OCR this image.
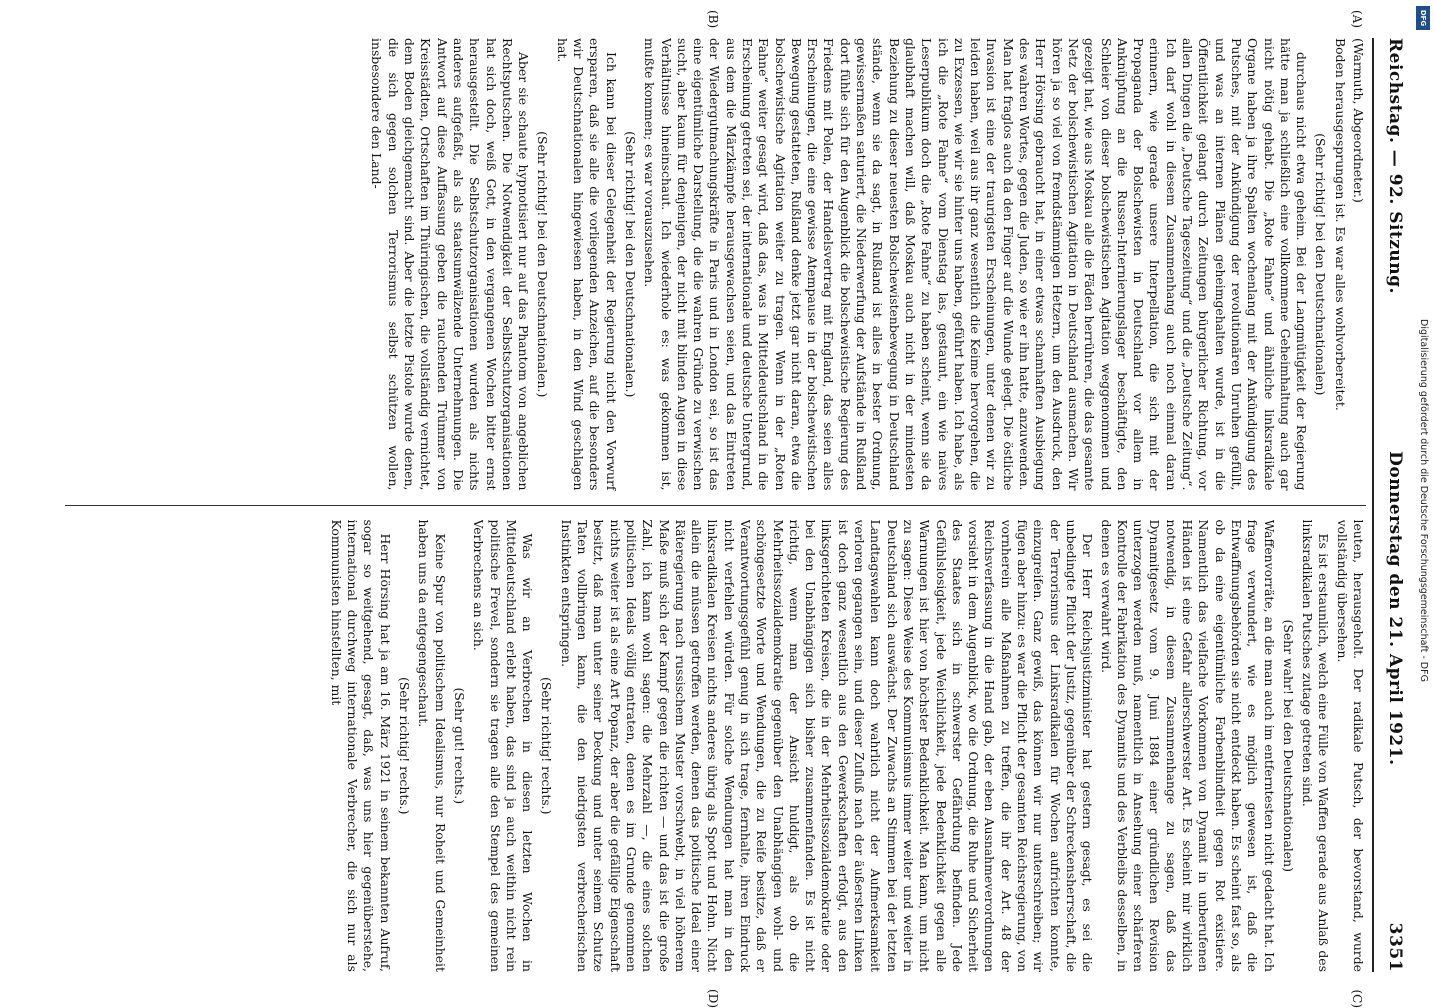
Reichstag. — 92. Sitzung.
Donnerstag den 21. April 1921.
3351

(Warmuth, Abgeordneter.)

Boden herausgesprungen ist. Es war alles wohlvorbereitet.

(Sehr richtig! bei den Deutschnationalen)

durchaus nicht etwa geheim. Bei der Langmütigkeit der Regierung hätte man ja schließlich eine vollkommene Geheimhaltung auch gar nicht nötig gehabt. Die „Rote Fahne“ und ähnliche linksradikale Organe haben ja ihre Spalten wochenlang mit der Ankündigung des Putsches, mit der Ankündigung der revolutionären Unruhen gefüllt, und was an internen Plänen geheimgehalten wurde, ist in die Öffentlichkeit gelangt durch Zeitungen bürgerlicher Richtung, vor allen Dingen die „Deutsche Tageszeitung“ und die „Deutsche Zeitung“. Ich darf wohl in diesem Zusammenhang auch noch einmal daran erinnern, wie gerade unsere Interpellation, die sich mit der Propaganda der Bolschewisten in Deutschland vor allem in Anknüpfung an die Russen-Internierungslager beschäftigte, den Schleier von dieser bolschewistischen Agitation weggenommen und gezeigt hat, wie aus Moskau alle die Fäden herrühren, die das gesamte Netz der bolschewistischen Agitation in Deutschland ausmachen. Wir hören ja so viel von fremdstämmigen Hetzern, um den Ausdruck, den Herr Hörsing gebraucht hat, in einer etwas schamhaften Ausbiegung des wahren Wortes, gegen die Juden, so wie er ihn hatte, anzuwenden. Man hat fraglos auch da den Finger auf die Wunde gelegt. Die östliche Invasion ist eine der traurigsten Erscheinungen, unter denen wir zu leiden haben, weil aus ihr ganz wesentlich die Keime hervorgehen, die zu Exzessen, wie wir sie hinter uns haben, geführt haben. Ich habe, als ich die „Rote Fahne“ vom Dienstag las, gestaunt, ein wie naives Leserpublikum doch die „Rote Fahne“ zu haben scheint, wenn sie da glaubhaft machen will, daß Moskau auch nicht in der mindesten Beziehung zu dieser neuesten Bolschewistenbewegung in Deutschland stände, wenn sie da sagt, in Rußland ist alles in bester Ordnung, gewissermaßen saturiert, die Niederwerfung der Aufstände in Rußland dort fühle sich für den Augenblick die bolschewistische Regierung des Friedens mit Polen, der Handelsvertrag mit England, das seien alles Erscheinungen, die eine gewisse Atempause in der bolschewistischen Bewegung gestatteten, Rußland denke jetzt gar nicht daran, etwa die bolschewistische Agitation weiter zu tragen. Wenn in der „Roten Fahne“ weiter gesagt wird, daß das, was in Mitteldeutschland in die Erscheinung getreten sei, der internationale und deutsche Untergrund, aus dem die Märzkämpfe herausgewachsen seien, und das Eintreten der Wiedergutmachungskräfte in Paris und in London sei, so ist das eine eigentümliche Darstellung, die die wahren Gründe zu verwischen sucht, aber kaum für denjenigen, der nicht mit blinden Augen in diese Verhältnisse hineinschaut. Ich wiederhole es: was gekommen ist, mußte kommen; es war vorauszusehen.

(Sehr richtig! bei den Deutschnationalen.)

Ich kann bei dieser Gelegenheit der Regierung nicht den Vorwurf ersparen, daß sie alle die vorliegenden Anzeichen, auf die besonders wir Deutschnationalen hingewiesen haben, in den Wind geschlagen hat.

(Sehr richtig! bei den Deutschnationalen.)

Aber sie schaute hypnotisiert nur auf das Phantom von angeblichen Rechtsputschen. Die Notwendigkeit der Selbstschutzorganisationen hat sich doch, weiß Gott, in den vergangenen Wochen bitter ernst herausgestellt. Die Selbstschutzorganisationen wurden als nichts anderes aufgefaßt, als als staatsumwälzende Unternehmungen. Die Antwort auf diese Auffassung geben die rauchenden Trümmer von Kreisstädten, Ortschaften im Thüringischen, die vollständig vernichtet, dem Boden gleichgemacht sind. Aber die letzte Pistole wurde denen, die sich gegen solchen Terrorismus selbst schützen wollen, insbesondere den Land-

leuten, herausgeholt. Der radikale Putsch, der bevorstand, wurde vollständig übersehen.

Es ist erstaunlich, welch eine Fülle von Waffen gerade aus Anlaß des linksradikalen Putsches zutage getreten sind.

(Sehr wahr! bei den Deutschnationalen)

Waffenvorräte, an die man auch im entferntesten nicht gedacht hat. Ich frage verwundert, wie es möglich gewesen ist, daß die Entwaffnungsbehörden sie nicht entdeckt haben. Es scheint fast so, als ob da eine eigentümliche Farbenblindheit gegen Rot existiere. Namentlich das vielfache Vorkommen von Dynamit in unberufenen Händen ist eine Gefahr allerschwerster Art. Es scheint mir wirklich notwendig, in diesem Zusammenhange zu sagen, daß das Dynamitgesetz vom 9. Juni 1884 einer gründlichen Revision unterzogen werden muß, namentlich in Ansehung einer schärferen Kontrolle der Fabrikation des Dynamits und des Verbleibs desselben, in denen es verwahrt wird.

Der Herr Reichsjustizminister hat gestern gesagt, es sei die unbedingte Pflicht der Justiz, gegenüber der Schreckensherrschaft, die der Terrorismus der Linksradikalen für Wochen aufrichten konnte, einzugreifen. Ganz gewiß, das können wir nur unterschreiben; wir fügen aber hinzu: es war die Pflicht der gesamten Reichsregierung, von vornherein alle Maßnahmen zu treffen, die ihr der Art. 48 der Reichsverfassung in die Hand gab, der eben Ausnahmeverordnungen vorsieht in dem Augenblick, wo die Ordnung, die Ruhe und Sicherheit des Staates sich in schwerster Gefährdung befinden. Jede Gefühlslosigkeit, jede Weichlichkeit, jede Bedenklichkeit gegen alle Warnungen ist hier von höchster Bedenklichkeit. Man kann, um nicht zu sagen: Diese Weise des Kommunismus immer weiter und weiter in Deutschland sich auswächst. Der Zuwachs an Stimmen bei der letzten Landtagswahlen kann doch wahrlich nicht der Aufmerksamkeit verloren gegangen sein, und dieser Zufluß nach der äußersten Linken ist doch ganz wesentlich aus den Gewerkschaften erfolgt, aus den linksgerichteten Kreisen, die in der Mehrheitssozialdemokratie oder bei den Unabhängigen sich bisher zusammenfanden. Es ist nicht richtig, wenn man der Ansicht huldigt, als ob die Mehrheitssozialdemokratie gegenüber den Unabhängigen wohl- und schöngesetzte Worte und Wendungen, die zu Reife besitze, daß er Verantwortungsgefühl genug in sich trage, fernhalte, ihren Eindruck nicht verfehlen würden. Für solche Wendungen hat man in den linksradikalen Kreisen nichts anderes übrig als Spott und Hohn. Nicht allein die müssen getroffen werden, denen das politische Ideal einer Räteregierung nach russischem Muster vorschwebt, in viel höherem Maße muß sich der Kampf gegen die richten — und das ist die große Zahl, ich kann wohl sagen: die Mehrzahl —, die eines solchen politischen Ideals völlig entraten, denen es im Grunde genommen nichts weiter ist als eine Art Popanz, der aber die gefällige Eigenschaft besitzt, daß man unter seiner Deckung und unter seinem Schutze Taten vollbringen kann, die den niedrigsten verbrecherischen Instinkten entspringen.

(Sehr richtig! rechts.)

Was wir an Verbrechen in diesen letzten Wochen in Mitteldeutschland erlebt haben, das sind ja auch weithin nicht rein politische Frevel, sondern sie tragen alle den Stempel des gemeinen Verbrechens an sich.

(Sehr gut! rechts.)

Keine Spur von politischem Idealismus, nur Roheit und Gemeinheit haben uns da entgegengeschaut.

(Sehr richtig! rechts.)

Herr Hörsing hat ja am 16. März 1921 in seinem bekannten Aufruf, sogar so weitgehend, gesagt, daß, was uns hier gegenüberstehe, international durchweg internationale Verbrecher, die sich nur als Kommunisten hinstellten, mit

(A)
(B)
(C)
(D)
DFG
Digitalisierung gefördert durch die Deutsche Forschungsgemeinschaft - DFG
